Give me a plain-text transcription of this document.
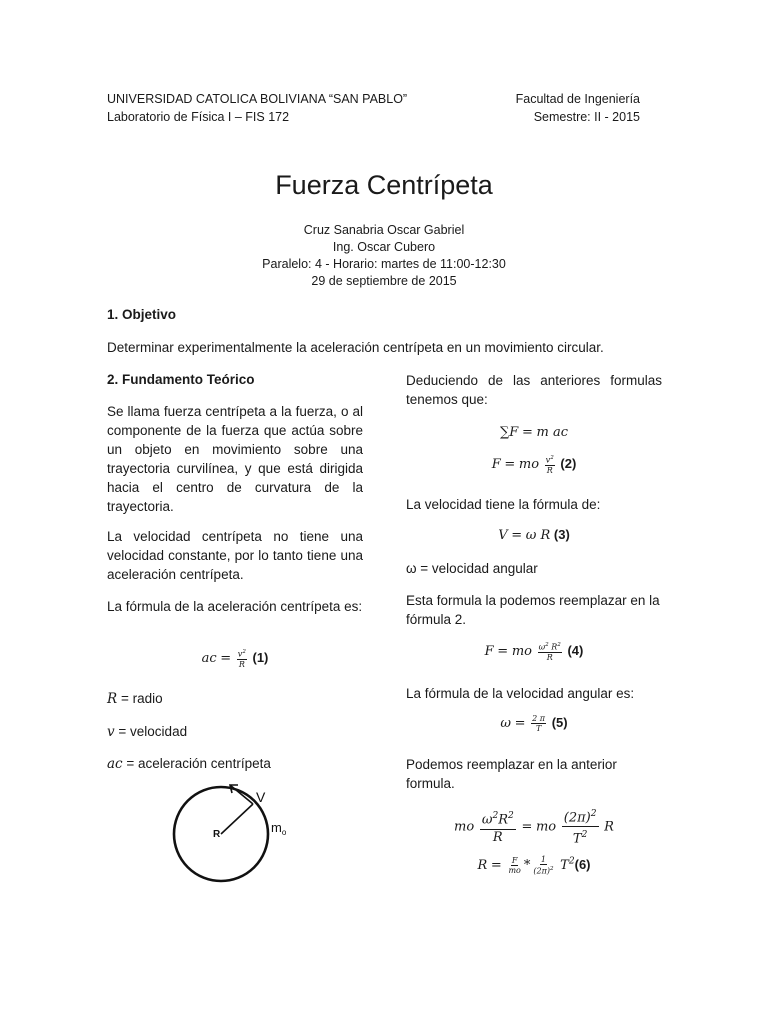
UNIVERSIDAD CATOLICA BOLIVIANA “SAN PABLO”
Laboratorio de Física I – FIS 172
Facultad de Ingeniería
Semestre: II - 2015
Fuerza Centrípeta
Cruz Sanabria Oscar Gabriel
Ing. Oscar Cubero
Paralelo: 4 - Horario: martes de 11:00-12:30
29 de septiembre de 2015
1. Objetivo
Determinar experimentalmente la aceleración centrípeta en un movimiento circular.
2. Fundamento Teórico
Se llama fuerza centrípeta a la fuerza, o al componente de la fuerza que actúa sobre un objeto en movimiento sobre una trayectoria curvilínea, y que está dirigida hacia el centro de curvatura de la trayectoria.
La velocidad centrípeta no tiene una velocidad constante, por lo tanto tiene una aceleración centrípeta.
La fórmula de la aceleración centrípeta es:
ac = $\frac{v^2}{R} (1)$
R = radio
v = velocidad
ac = aceleración centrípeta
V
R	$m_o$
Deduciendo de las anteriores formulas tenemos que:
∑F = m ac
F = mo $\frac{v^2}{R} (2)$
La velocidad tiene la fórmula de:
V = ω R (3)
ω = velocidad angular
Esta formula la podemos reemplazar en la fórmula 2.
F = mo $\frac{\omega^2 R^2}{R} (4)$
La fórmula de la velocidad angular es:
$\omega = \frac{2 \pi}{T} (5)$
Podemos reemplazar en la anterior formula.
mo $\frac{\omega^2R^2}{R}$ = mo $\frac{(2\pi)^2}{T^2}$ R
$R = \frac{F}{mo} * \frac{1}{(2\pi)^2} T^2(6)$
